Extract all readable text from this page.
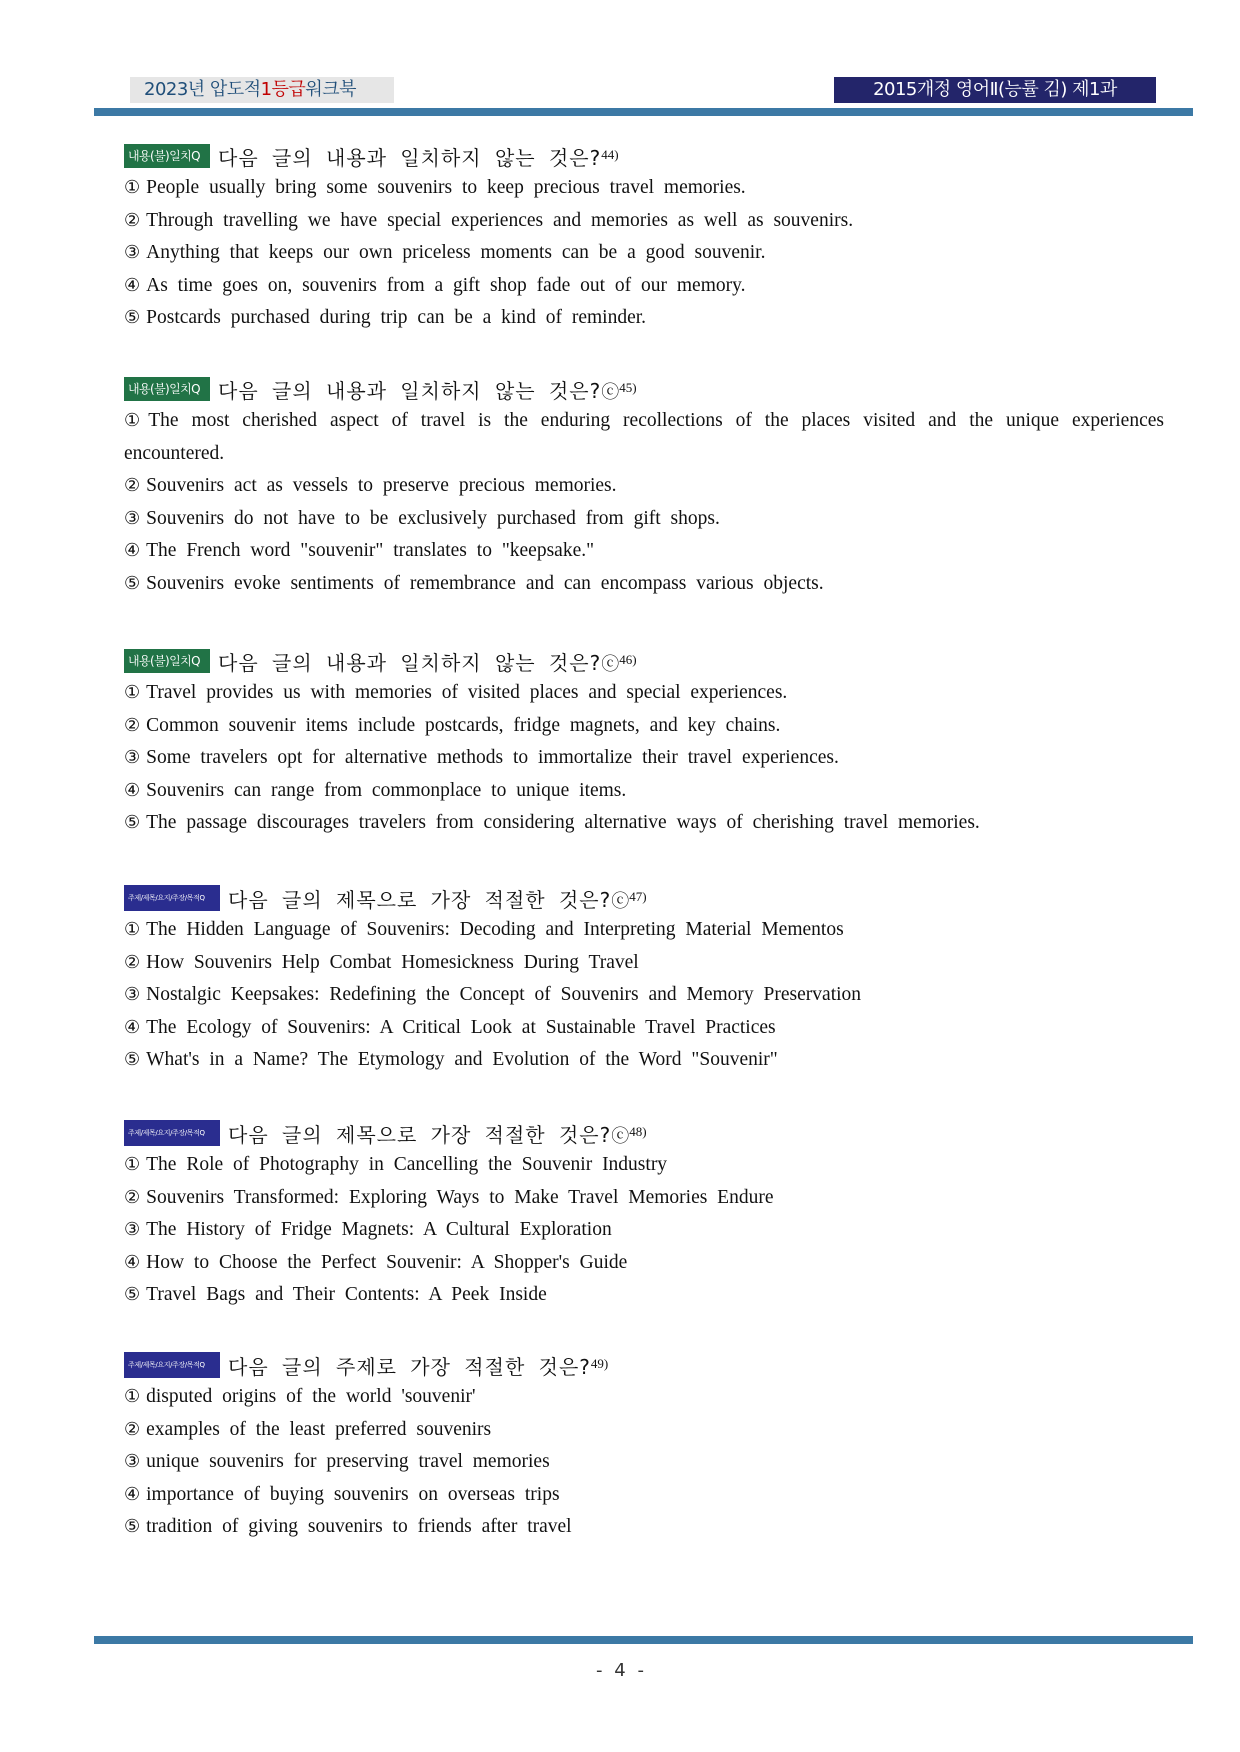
2023년 압도적1등급워크북	2015개정 영어Ⅱ(능률 김) 제1과
내용(불)일치Q 다음 글의 내용과 일치하지 않는 것은?$^{44)}$
① People usually bring some souvenirs to keep precious travel memories.
② Through travelling we have special experiences and memories as well as souvenirs.
③ Anything that keeps our own priceless moments can be a good souvenir.
④ As time goes on, souvenirs from a gift shop fade out of our memory.
⑤ Postcards purchased during trip can be a kind of reminder.
내용(불)일치Q 다음 글의 내용과 일치하지 않는 것은?ⓒ$^{45)}$
① The most cherished aspect of travel is the enduring recollections of the places visited and the unique experiences encountered.
② Souvenirs act as vessels to preserve precious memories.
③ Souvenirs do not have to be exclusively purchased from gift shops.
④ The French word "souvenir" translates to "keepsake."
⑤ Souvenirs evoke sentiments of remembrance and can encompass various objects.
내용(불)일치Q 다음 글의 내용과 일치하지 않는 것은?ⓒ$^{46)}$
① Travel provides us with memories of visited places and special experiences.
② Common souvenir items include postcards, fridge magnets, and key chains.
③ Some travelers opt for alternative methods to immortalize their travel experiences.
④ Souvenirs can range from commonplace to unique items.
⑤ The passage discourages travelers from considering alternative ways of cherishing travel memories.
주제/제목/요지/주장/목적Q	다음 글의 제목으로 가장 적절한 것은?ⓒ$^{47)}$
① The Hidden Language of Souvenirs: Decoding and Interpreting Material Mementos
② How Souvenirs Help Combat Homesickness During Travel
③ Nostalgic Keepsakes: Redefining the Concept of Souvenirs and Memory Preservation
④ The Ecology of Souvenirs: A Critical Look at Sustainable Travel Practices
⑤ What's in a Name? The Etymology and Evolution of the Word "Souvenir"
주제/제목/요지/주장/목적Q	다음 글의 제목으로 가장 적절한 것은?ⓒ$^{48)}$
① The Role of Photography in Cancelling the Souvenir Industry
② Souvenirs Transformed: Exploring Ways to Make Travel Memories Endure
③ The History of Fridge Magnets: A Cultural Exploration
④ How to Choose the Perfect Souvenir: A Shopper's Guide
⑤ Travel Bags and Their Contents: A Peek Inside
주제/제목/요지/주장/목적Q	다음 글의 주제로 가장 적절한 것은?$^{49)}$
① disputed origins of the world 'souvenir'
② examples of the least preferred souvenirs
③ unique souvenirs for preserving travel memories
④ importance of buying souvenirs on overseas trips
⑤ tradition of giving souvenirs to friends after travel
- 4 -
